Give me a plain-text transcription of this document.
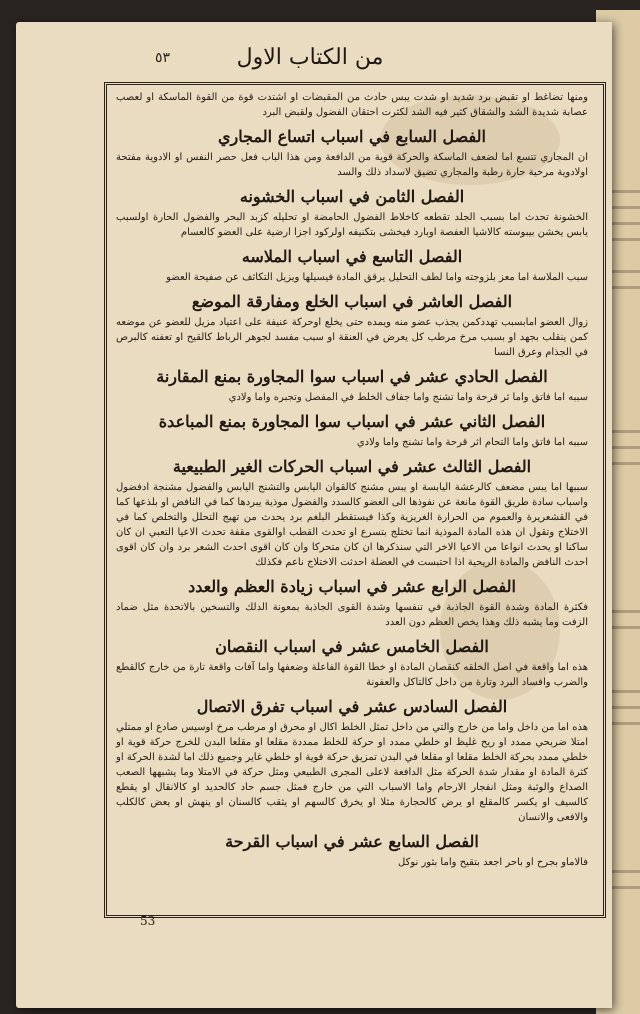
من الكتاب الاول
٥٣
ومنها تضاغط او تقبض برد شديد او شدت يبس حادث من المقبضات او اشتدت قوة من القوة الماسكة او لعصب عصابة شديدة الشد والشقاق كثير فيه الشد لكثرت احتقان الفضول ولقبض البرد
الفصل السابع في اسباب اتساع المجاري
ان المجاري تتسع اما لضعف الماسكة والحركة قوية من الدافعة ومن هذا الباب فعل حصر النفس او الادوية مفتحة اولادوية مرخية حارة رطبة والمجاري تضيق لاسداد ذلك والسد
الفصل الثامن في اسباب الخشونه
الخشونة تحدث اما بسبب الجلد تقطعه كاخلاط الفضول الحامضة او تحليله كزبد البحر والفضول الحارة اولسبب يابس يخشن بيبوسته كالاشيا العفصة اوبارد فيخشى بتكنيفه اولركود اجزا ارضية على العضو كالعسام
الفصل التاسع في اسباب الملاسه
سبب الملاسة اما معز بلزوجته واما لطف التحليل يرقق المادة فيسيلها ويزيل التكاثف عن صفيحة العضو
الفصل العاشر في اسباب الخلع ومفارقة الموضع
زوال العضو امابسبب تهددكمن يجذب عضو منه ويمده حتى يخلع اوحركة عنيفة على اعتياد مزيل للعضو عن موضعه كمن ينقلب بجهد او بسبب مرخ مرطب كل يعرض في العنقة او سبب مفسد لجوهر الرباط كالقيح او تعفنه كالبرص في الجذام وعرق النسا
الفصل الحادي عشر في اسباب سوا المجاورة بمنع المقارنة
سببه اما فاتق واما ثر قرحة واما تشنج واما جفاف الخلط في المفصل وتجبره واما ولادي
الفصل الثاني عشر في اسباب سوا المجاورة بمنع المباعدة
سببه اما فاتق واما التحام اثر قرحة واما تشنج واما ولادي
الفصل الثالث عشر في اسباب الحركات الغير الطبيعية
سببها اما يبس مضعف كالرعشة اليابسة او يبس مشنج كالقوان اليابس والتشنج اليابس والفضول مشنجة ادفضول واسباب سادة طريق القوة مانعة عن نفوذها الى العضو كالسدد والفضول موذية يبردها كما في النافض او بلذعها كما في القشعريرة والعموم من الحرارة الغريزية وكذا فيستقطر البلغم برد يحدث من تهيج التحلل والتخلص كما في الاختلاج وتقول ان هذه المادة الموذية انما تختلج بتسرع او تحدث القطب اوالقوى مقفة تحدث الاعيا التعبي ان كان ساكنا او يحدث انواعا من الاعيا الاخر التي سنذكرها ان كان متحركا وان كان اقوى احدث الشعر برد وان كان اقوى احدث النافض والمادة الريحية اذا احتبست في العضلة احدثت الاختلاج ناعم فكذلك
الفصل الرابع عشر في اسباب زيادة العظم والعدد
فكثرة المادة وشدة القوة الجاذبة في تنفسها وشدة القوى الجاذبة بمعونة الدلك والتسخين بالاتحدة مثل ضماد الزفت وما يشبه ذلك وهذا يخص العظم دون العدد
الفصل الخامس عشر في اسباب النقصان
هذه اما واقعة في اصل الخلقه كنقصان المادة او خطا القوة الفاعلة وضعفها واما آفات واقعة تارة من خارج كالقطع والضرب وافساد البرد وتارة من داخل كالتاكل والعفونة
الفصل السادس عشر في اسباب تفرق الاتصال
هذه اما من داخل واما من خارج والتي من داخل تمثل الخلط اكال او محرق او مرطب مرخ اوسيس صادع او ممتلي امتلا ضربحي ممدد او ريح غليظ او خلطي ممدد او حركة للخلط ممددة مقلعا او مقلعا البدن للخرج حركة قوية او خلطي ممدد بحركة الخلط مقلعا او مقلعا في البدن تمزيق حركة قوية او خلطي غاير وجميع ذلك اما لشدة الحركة او كثرة المادة او مقدار شدة الحركة مثل الدافعة لاعلى المجرى الطبيعي ومثل حركة في الامتلا وما يشبهها الصعب الصداع والوثبة ومثل انفجار الارحام واما الاسباب التي من خارج فمثل جسم حاد كالحديد او كالانقال او يقطع كالسيف او يكسر كالمقلع او يرض كالحجارة مثلا او يخرق كالسهم او يثقب كالسنان او ينهش او يعض كالكلب والافعى والانسان
الفصل السابع عشر في اسباب القرحة
فالاماو بجرح او باحر اجعد بتقيح واما بثور نوكل
53
